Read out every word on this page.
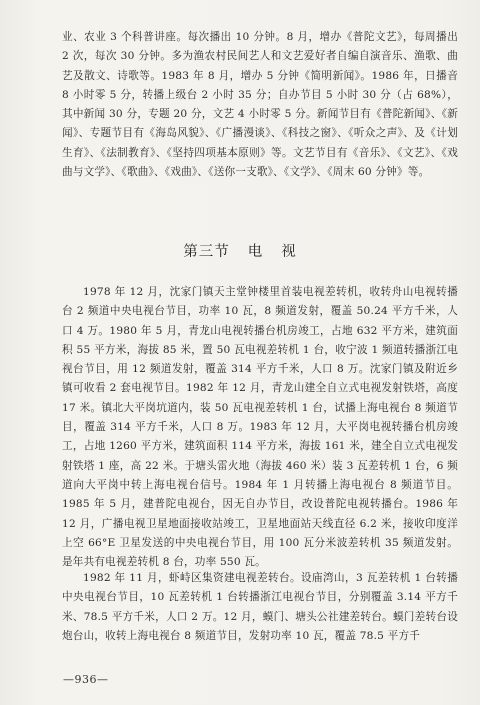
业、农业 3 个科普讲座。每次播出 10 分钟。8 月，增办《普陀文艺》，每周播出 2 次，每次 30 分钟。多为渔农村民间艺人和文艺爱好者自编自演音乐、渔歌、曲艺及散文、诗歌等。1983 年 8 月，增办 5 分钟《简明新闻》。1986 年，日播音 8 小时零 5 分，转播上级台 2 小时 35 分；自办节目 5 小时 30 分（占 68%），其中新闻 30 分，专题 20 分，文艺 4 小时零 5 分。新闻节目有《普陀新闻》、《新闻》、专题节目有《海岛风貌》、《广播漫谈》、《科技之窗》、《听众之声》、及《计划生育》、《法制教育》、《坚持四项基本原则》等。文艺节目有《音乐》、《文艺》、《戏曲与文学》、《歌曲》、《戏曲》、《送你一支歌》、《文学》、《周末 60 分钟》等。

第三节 电 视

1978 年 12 月，沈家门镇天主堂钟楼里首装电视差转机，收转舟山电视转播台 2 频道中央电视台节目，功率 10 瓦，8 频道发射，覆盖 50.24 平方千米，人口 4 万。1980 年 5 月，青龙山电视转播台机房竣工，占地 632 平方米，建筑面积 55 平方米，海拔 85 米，置 50 瓦电视差转机 1 台，收宁波 1 频道转播浙江电视台节目，用 12 频道发射，覆盖 314 平方千米，人口 8 万。沈家门镇及附近乡镇可收看 2 套电视节目。1982 年 12 月，青龙山建全自立式电视发射铁塔，高度 17 米。镇北大平岗坑道内，装 50 瓦电视差转机 1 台，试播上海电视台 8 频道节目，覆盖 314 平方千米，人口 8 万。1983 年 12 月，大平岗电视转播台机房竣工，占地 1260 平方米，建筑面积 114 平方米，海拔 161 米，建全自立式电视发射铁塔 1 座，高 22 米。于塘头雷火地（海拔 460 米）装 3 瓦差转机 1 台，6 频道向大平岗中转上海电视台信号。1984 年 1 月转播上海电视台 8 频道节目。1985 年 5 月，建普陀电视台，因无自办节目，改设普陀电视转播台。1986 年 12 月，广播电视卫星地面接收站竣工，卫星地面站天线直径 6.2 米，接收印度洋上空 66°E 卫星发送的中央电视台节目，用 100 瓦分米波差转机 35 频道发射。是年共有电视差转机 8 台，功率 550 瓦。

1982 年 11 月，虾峙区集资建电视差转台。设庙湾山，3 瓦差转机 1 台转播中央电视台节目，10 瓦差转机 1 台转播浙江电视台节目，分别覆盖 3.14 平方千米、78.5 平方千米，人口 2 万。12 月，蟆门、塘头公社建差转台。蟆门差转台设炮台山，收转上海电视台 8 频道节目，发射功率 10 瓦，覆盖 78.5 平方千

—936—
